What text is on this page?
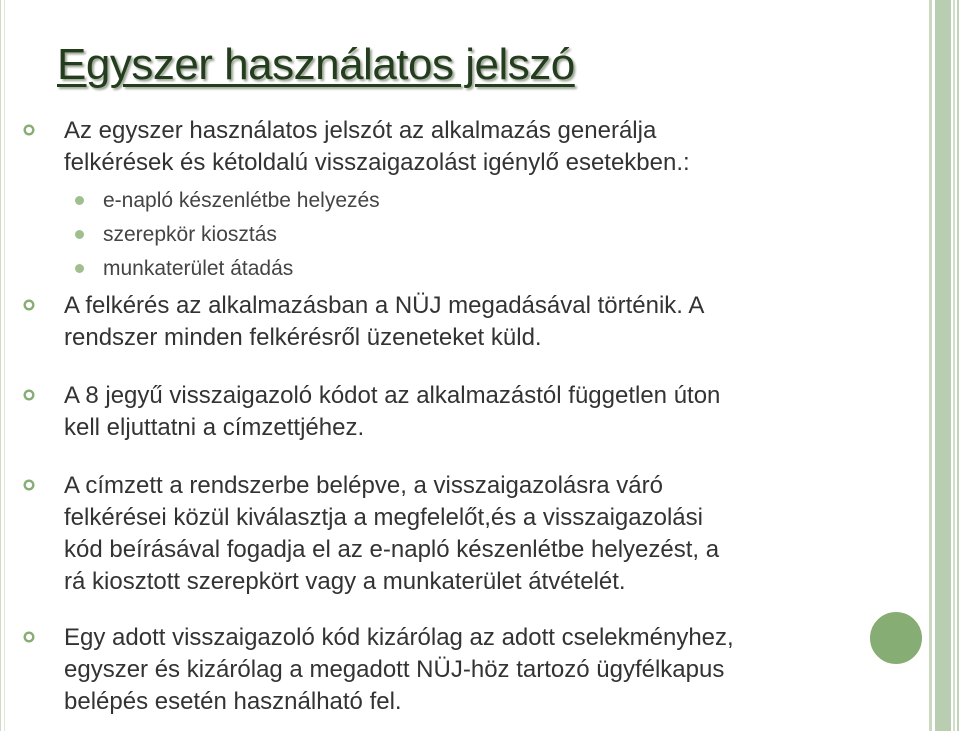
Egyszer használatos jelszó
Az egyszer használatos jelszót az alkalmazás generálja
felkérések és kétoldalú visszaigazolást igénylő esetekben.:
e-napló készenlétbe helyezés
szerepkör kiosztás
munkaterület átadás
A felkérés az alkalmazásban a NÜJ megadásával történik. A
rendszer minden felkérésről üzeneteket küld.
A 8 jegyű visszaigazoló kódot az alkalmazástól független úton
kell eljuttatni a címzettjéhez.
A címzett a rendszerbe belépve, a visszaigazolásra váró
felkérései közül kiválasztja a megfelelőt,és a visszaigazolási
kód beírásával fogadja el az e-napló készenlétbe helyezést, a
rá kiosztott szerepkört vagy a munkaterület átvételét.
Egy adott visszaigazoló kód kizárólag az adott cselekményhez,
egyszer és kizárólag a megadott NÜJ-höz tartozó ügyfélkapus
belépés esetén használható fel.
